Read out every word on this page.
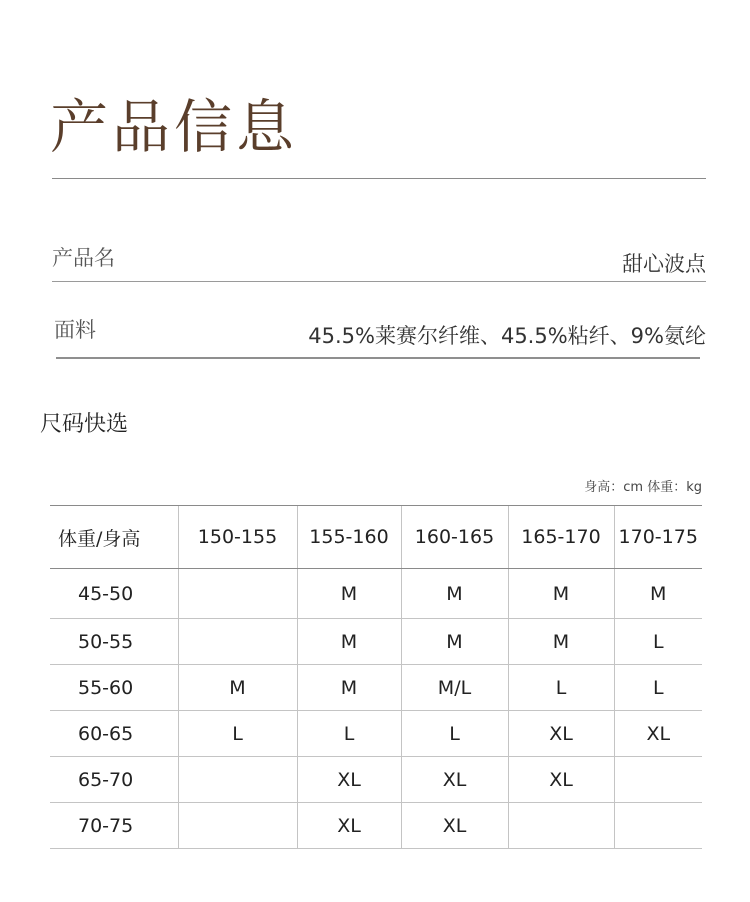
产品信息
产品名	甜心波点
面料	45.5%莱赛尔纤维、45.5%粘纤、9%氨纶
尺码快选
身高：cm 体重：kg
体重/身高	150-155	155-160	160-165	165-170	170-175
45-50		M	M	M	M
50-55		M	M	M	L
55-60	M	M	M/L	L	L
60-65	L	L	L	XL	XL
65-70		XL	XL	XL	
70-75		XL	XL		
